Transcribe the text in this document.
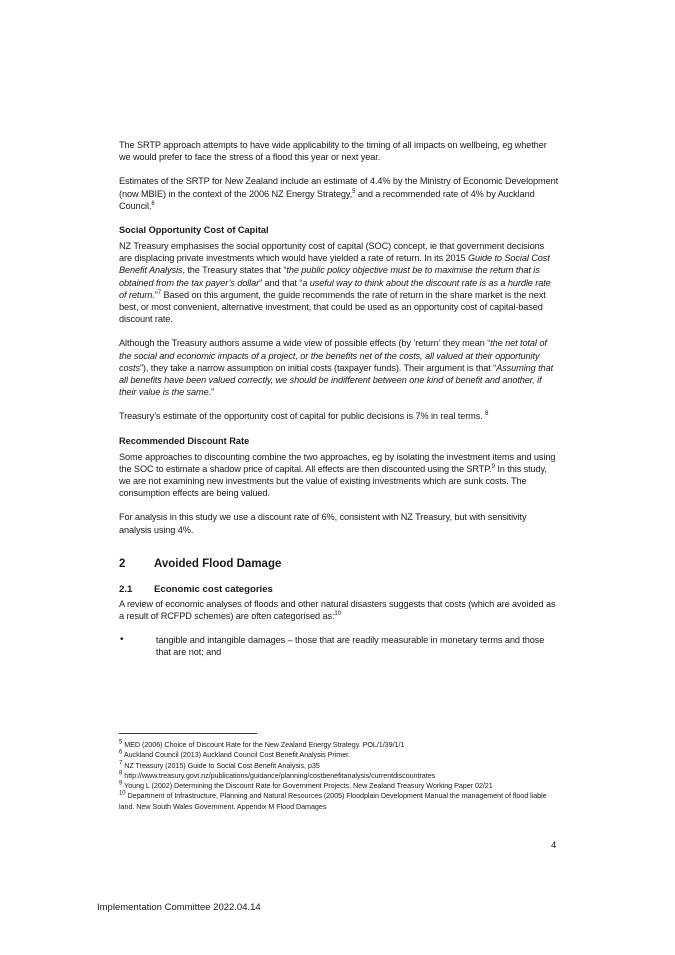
The SRTP approach attempts to have wide applicability to the timing of all impacts on wellbeing, eg whether we would prefer to face the stress of a flood this year or next year.

Estimates of the SRTP for New Zealand include an estimate of 4.4% by the Ministry of Economic Development (now MBIE) in the context of the 2006 NZ Energy Strategy,$^5$ and a recommended rate of 4% by Auckland Council.$^6$

Social Opportunity Cost of Capital

NZ Treasury emphasises the social opportunity cost of capital (SOC) concept, ie that government decisions are displacing private investments which would have yielded a rate of return. In its 2015 Guide to Social Cost Benefit Analysis, the Treasury states that “the public policy objective must be to maximise the return that is obtained from the tax payer’s dollar” and that “a useful way to think about the discount rate is as a hurdle rate of return.”$^7$ Based on this argument, the guide recommends the rate of return in the share market is the next best, or most convenient, alternative investment, that could be used as an opportunity cost of capital-based discount rate.

Although the Treasury authors assume a wide view of possible effects (by ‘return’ they mean “the net total of the social and economic impacts of a project, or the benefits net of the costs, all valued at their opportunity costs”), they take a narrow assumption on initial costs (taxpayer funds). Their argument is that “Assuming that all benefits have been valued correctly, we should be indifferent between one kind of benefit and another, if their value is the same.”

Treasury’s estimate of the opportunity cost of capital for public decisions is 7% in real terms. $^8$

Recommended Discount Rate

Some approaches to discounting combine the two approaches, eg by isolating the investment items and using the SOC to estimate a shadow price of capital. All effects are then discounted using the SRTP.$^9$ In this study, we are not examining new investments but the value of existing investments which are sunk costs. The consumption effects are being valued.

For analysis in this study we use a discount rate of 6%, consistent with NZ Treasury, but with sensitivity analysis using 4%.

2	Avoided Flood Damage
2.1	Economic cost categories

A review of economic analyses of floods and other natural disasters suggests that costs (which are avoided as a result of RCFPD schemes) are often categorised as:$^{10}$

•	tangible and intangible damages – those that are readily measurable in monetary terms and those that are not; and

$^5$ MED (2006) Choice of Discount Rate for the New Zealand Energy Strategy. POL/1/39/1/1
$^6$ Auckland Council (2013) Auckland Council Cost Benefit Analysis Primer.
$^7$ NZ Treasury (2015) Guide to Social Cost Benefit Analysis, p35
$^8$ http://www.treasury.govt.nz/publications/guidance/planning/costbenefitanalysis/currentdiscountrates
$^9$ Young L (2002) Determining the Discount Rate for Government Projects. New Zealand Treasury Working Paper 02/21
$^{10}$ Department of Infrastructure, Planning and Natural Resources (2005) Floodplain Development Manual the management of flood liable land. New South Wales Government. Appendix M Flood Damages
4
Implementation Committee 2022.04.14
